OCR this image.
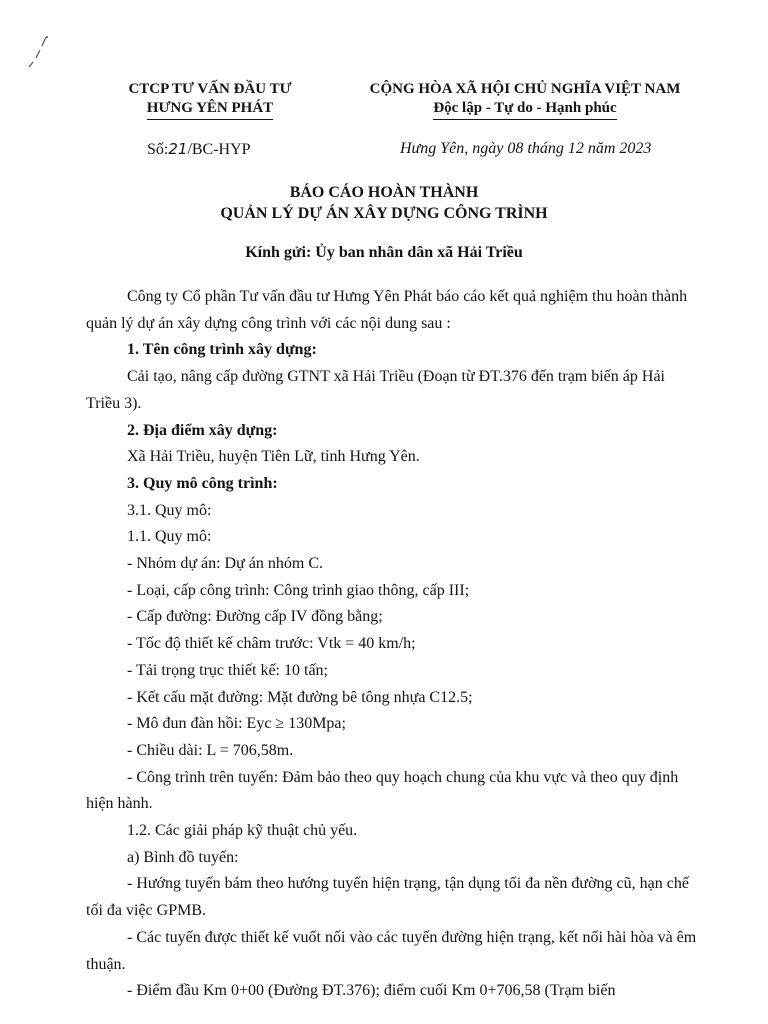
CTCP TƯ VẤN ĐẦU TƯ
HƯNG YÊN PHÁT
CỘNG HÒA XÃ HỘI CHỦ NGHĨA VIỆT NAM
Độc lập - Tự do - Hạnh phúc
Số:21/BC-HYP	Hưng Yên, ngày 08 tháng 12 năm 2023
BÁO CÁO HOÀN THÀNH
QUẢN LÝ DỰ ÁN XÂY DỰNG CÔNG TRÌNH
Kính gửi: Ủy ban nhân dân xã Hải Triều

Công ty Cổ phần Tư vấn đầu tư Hưng Yên Phát báo cáo kết quả nghiệm thu hoàn thành quản lý dự án xây dựng công trình với các nội dung sau :

1. Tên công trình xây dựng:

Cải tạo, nâng cấp đường GTNT xã Hải Triều (Đoạn từ ĐT.376 đến trạm biến áp Hải Triều 3).

2. Địa điểm xây dựng:

Xã Hải Triều, huyện Tiên Lữ, tỉnh Hưng Yên.

3. Quy mô công trình:

3.1. Quy mô:

1.1. Quy mô:

- Nhóm dự án: Dự án nhóm C.

- Loại, cấp công trình: Công trình giao thông, cấp III;

- Cấp đường: Đường cấp IV đồng bằng;

- Tốc độ thiết kế châm trước: Vtk = 40 km/h;

- Tải trọng trục thiết kế: 10 tấn;

- Kết cấu mặt đường: Mặt đường bê tông nhựa C12.5;

- Mô đun đàn hồi: Eyc ≥ 130Mpa;

- Chiều dài: L = 706,58m.

- Công trình trên tuyến: Đảm bảo theo quy hoạch chung của khu vực và theo quy định hiện hành.

1.2. Các giải pháp kỹ thuật chủ yếu.

a) Bình đồ tuyến:

- Hướng tuyến bám theo hướng tuyến hiện trạng, tận dụng tối đa nền đường cũ, hạn chế tối đa việc GPMB.

- Các tuyến được thiết kế vuốt nối vào các tuyến đường hiện trạng, kết nối hài hòa và êm thuận.

- Điểm đầu Km 0+00 (Đường ĐT.376); điểm cuối Km 0+706,58 (Trạm biến
